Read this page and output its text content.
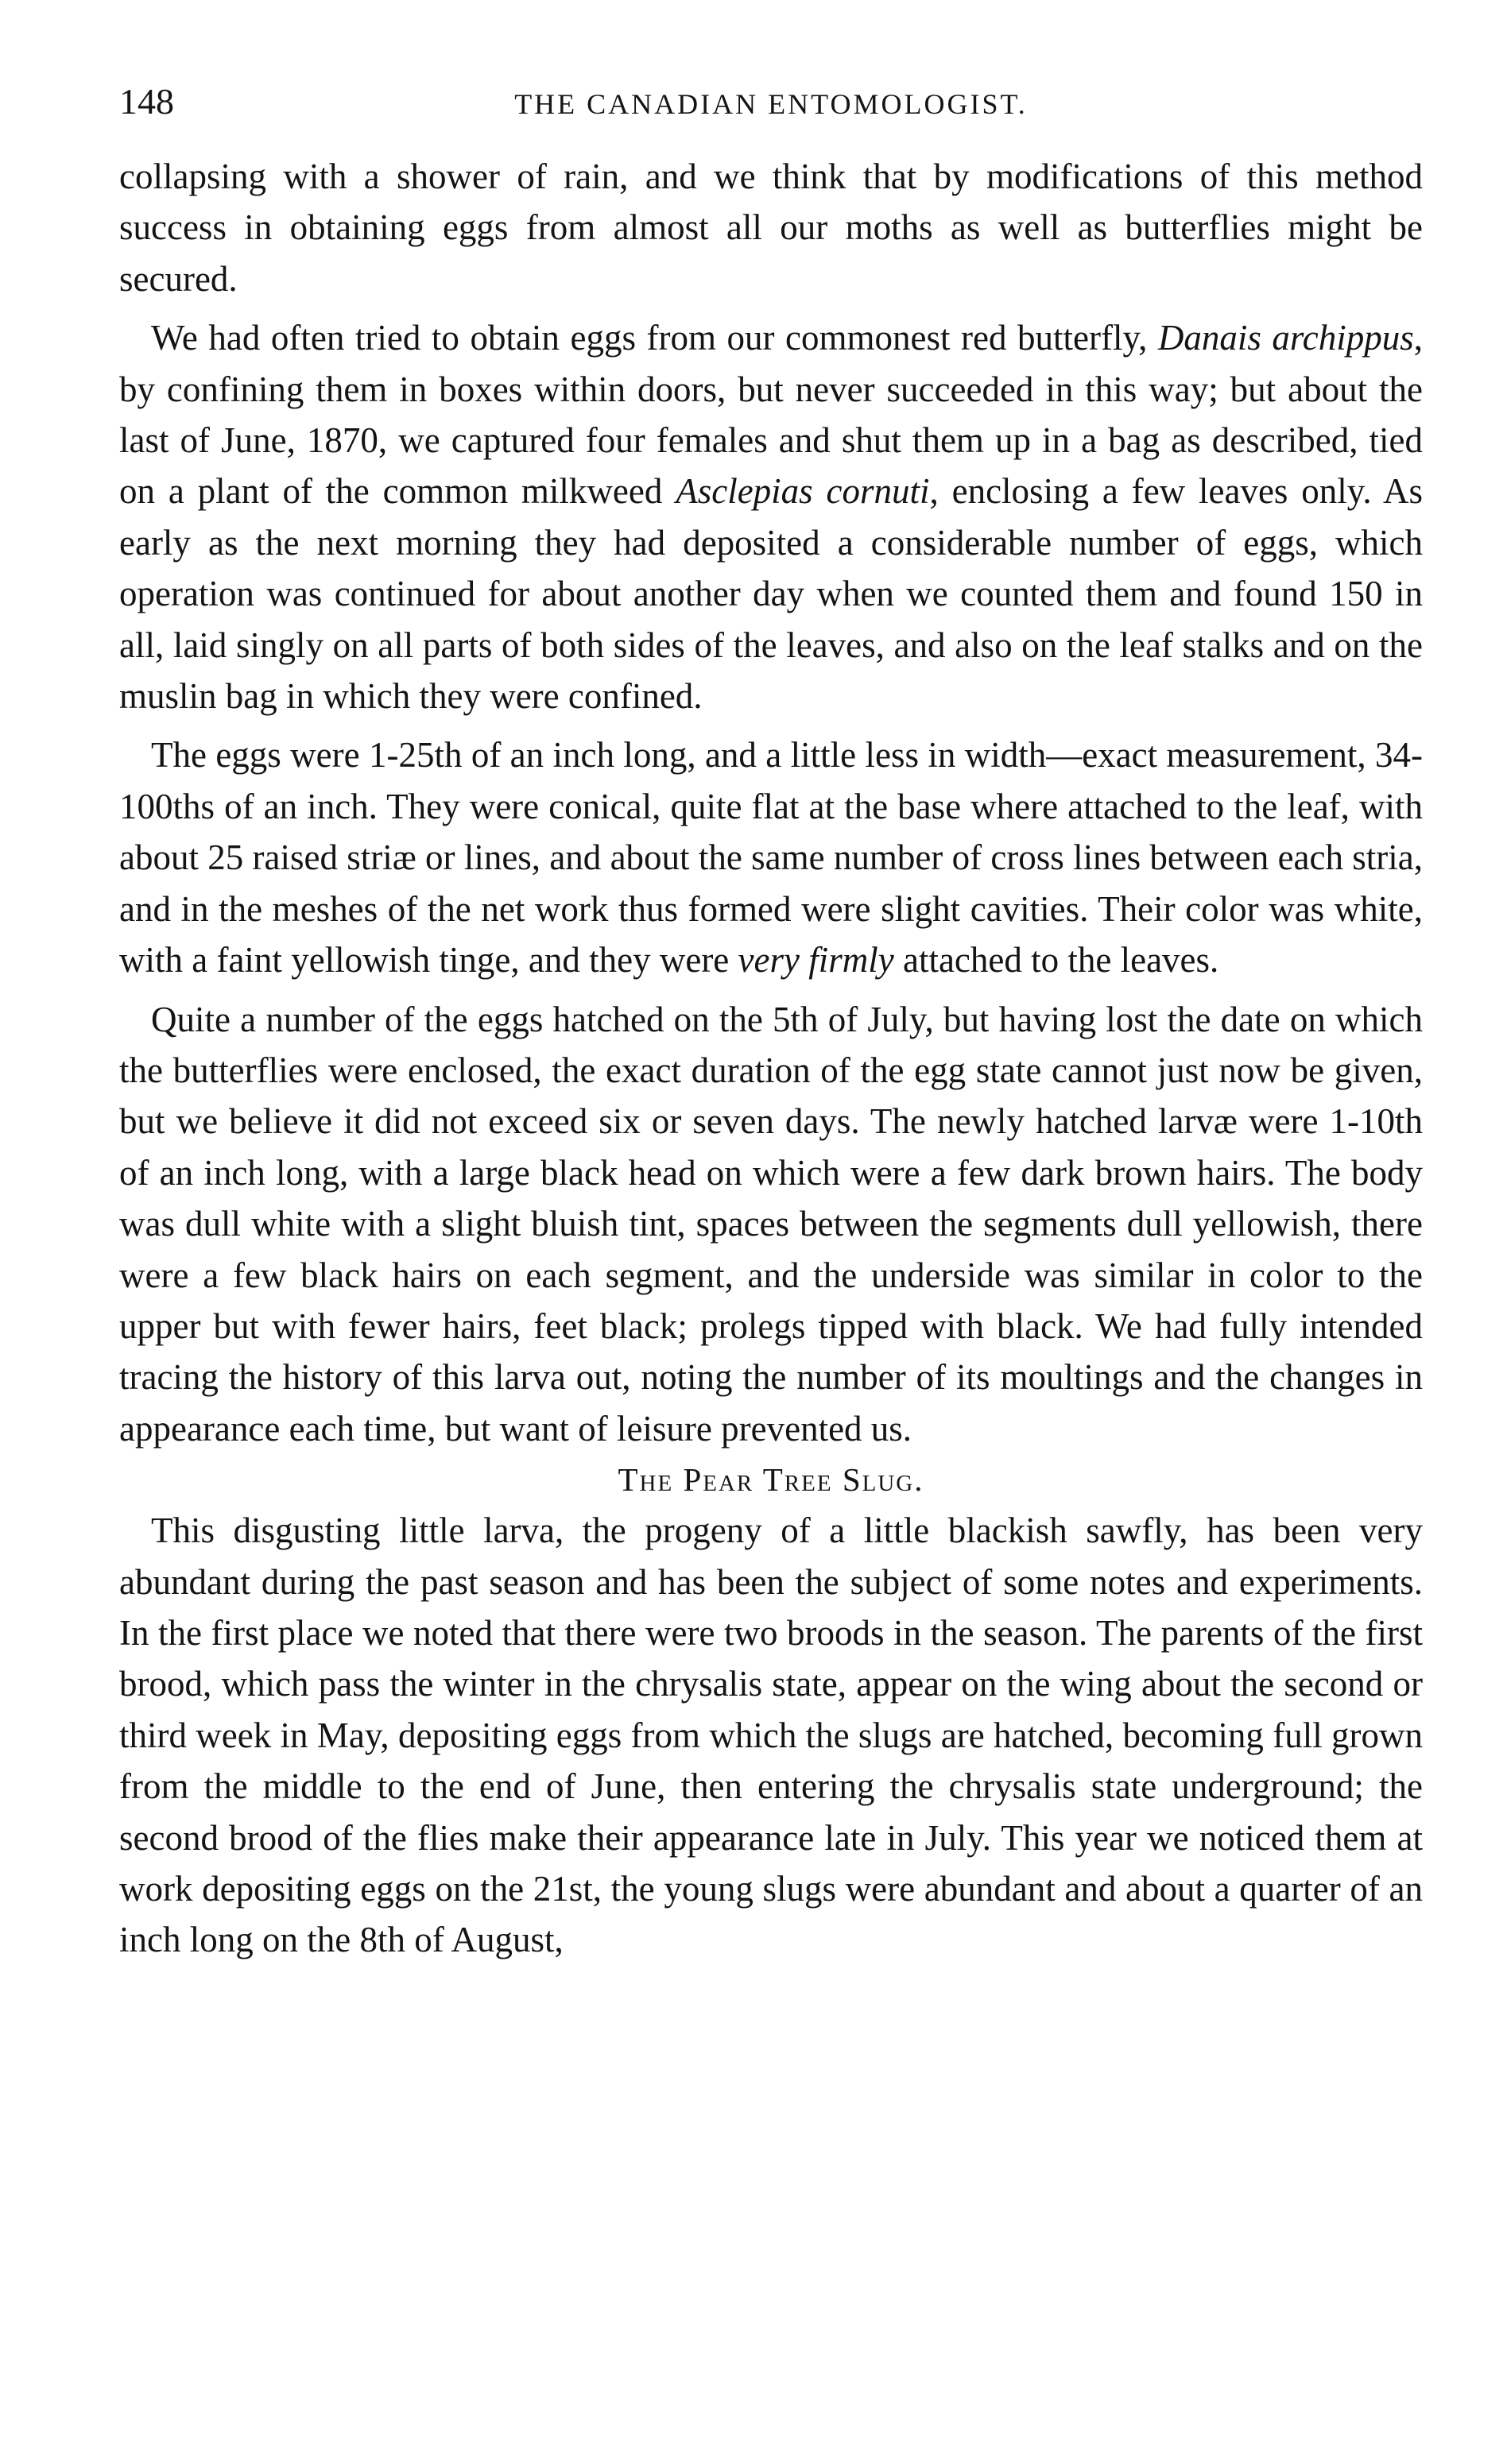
148	THE CANADIAN ENTOMOLOGIST.

collapsing with a shower of rain, and we think that by modifications of this method success in obtaining eggs from almost all our moths as well as butterflies might be secured.

We had often tried to obtain eggs from our commonest red butterfly, Danais archippus, by confining them in boxes within doors, but never succeeded in this way; but about the last of June, 1870, we captured four females and shut them up in a bag as described, tied on a plant of the common milkweed Asclepias cornuti, enclosing a few leaves only. As early as the next morning they had deposited a considerable number of eggs, which operation was continued for about another day when we counted them and found 150 in all, laid singly on all parts of both sides of the leaves, and also on the leaf stalks and on the muslin bag in which they were confined.

The eggs were 1-25th of an inch long, and a little less in width—exact measurement, 34-100ths of an inch. They were conical, quite flat at the base where attached to the leaf, with about 25 raised striæ or lines, and about the same number of cross lines between each stria, and in the meshes of the net work thus formed were slight cavities. Their color was white, with a faint yellowish tinge, and they were very firmly attached to the leaves.

Quite a number of the eggs hatched on the 5th of July, but having lost the date on which the butterflies were enclosed, the exact duration of the egg state cannot just now be given, but we believe it did not exceed six or seven days. The newly hatched larvæ were 1-10th of an inch long, with a large black head on which were a few dark brown hairs. The body was dull white with a slight bluish tint, spaces between the segments dull yellowish, there were a few black hairs on each segment, and the underside was similar in color to the upper but with fewer hairs, feet black; prolegs tipped with black. We had fully intended tracing the history of this larva out, noting the number of its moultings and the changes in appearance each time, but want of leisure prevented us.

The Pear Tree Slug.

This disgusting little larva, the progeny of a little blackish sawfly, has been very abundant during the past season and has been the subject of some notes and experiments. In the first place we noted that there were two broods in the season. The parents of the first brood, which pass the winter in the chrysalis state, appear on the wing about the second or third week in May, depositing eggs from which the slugs are hatched, becoming full grown from the middle to the end of June, then entering the chrysalis state underground; the second brood of the flies make their appearance late in July. This year we noticed them at work depositing eggs on the 21st, the young slugs were abundant and about a quarter of an inch long on the 8th of August,
